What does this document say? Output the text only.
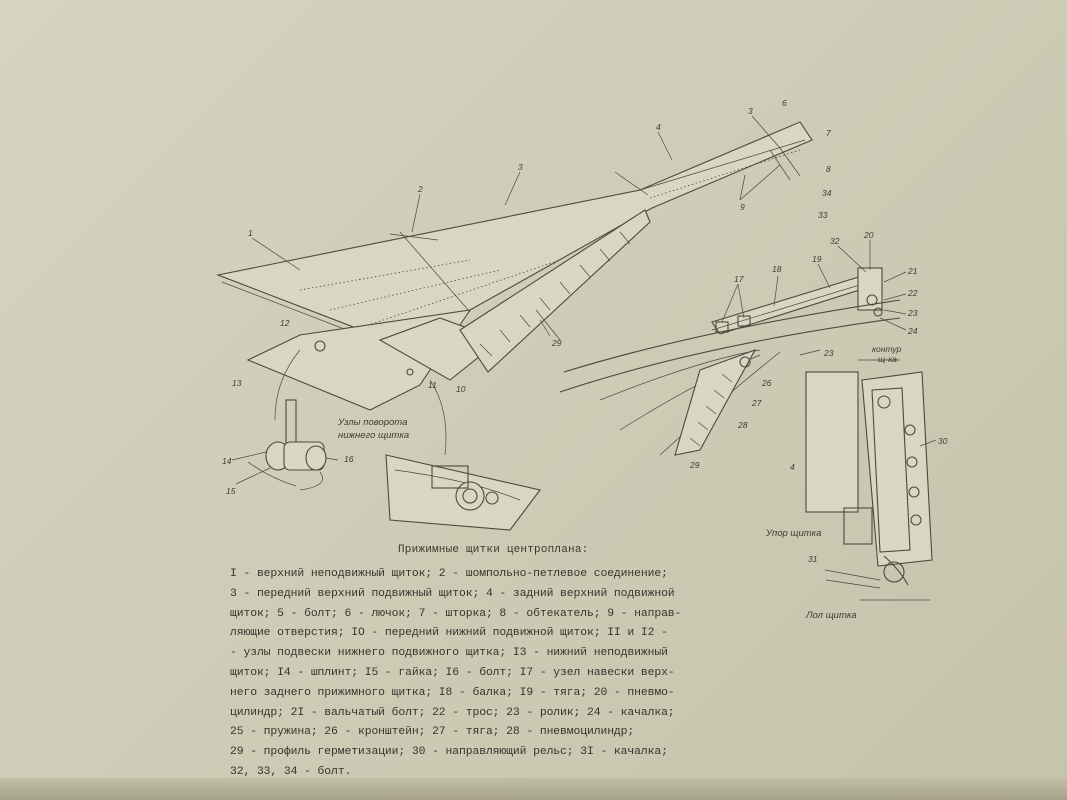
1
2
3
3
4
6
7
8
34
33
9
12
13	11 10
29
17
18
19
32
20
21
22
23
24
23
26
27
28
29
14
15
16
30
4
31
Узлы поворота
нижнего щитка
контур
щ-ка
Упор щитка
Лол щитка
Прижимные щитки центроплана:
I - верхний неподвижный щиток; 2 - шомпольно-петлевое соединение;
3 - передний верхний подвижный щиток; 4 - задний верхний подвижной
щиток; 5 - болт; 6 - лючок; 7 - шторка; 8 - обтекатель; 9 - направ-
ляющие отверстия; IO - передний нижний подвижной щиток; II и I2 -
- узлы подвески нижнего подвижного щитка; I3 - нижний неподвижный
щиток; I4 - шплинт; I5 - гайка; I6 - болт; I7 - узел навески верх-
него заднего прижимного щитка; I8 - балка; I9 - тяга; 20 - пневмо-
цилиндр; 2I - вальчатый болт; 22 - трос; 23 - ролик; 24 - качалка;
25 - пружина; 26 - кронштейн; 27 - тяга; 28 - пневмоцилиндр;
29 - профиль герметизации; 30 - направляющий рельс; 3I - качалка;
32, 33, 34 - болт.
